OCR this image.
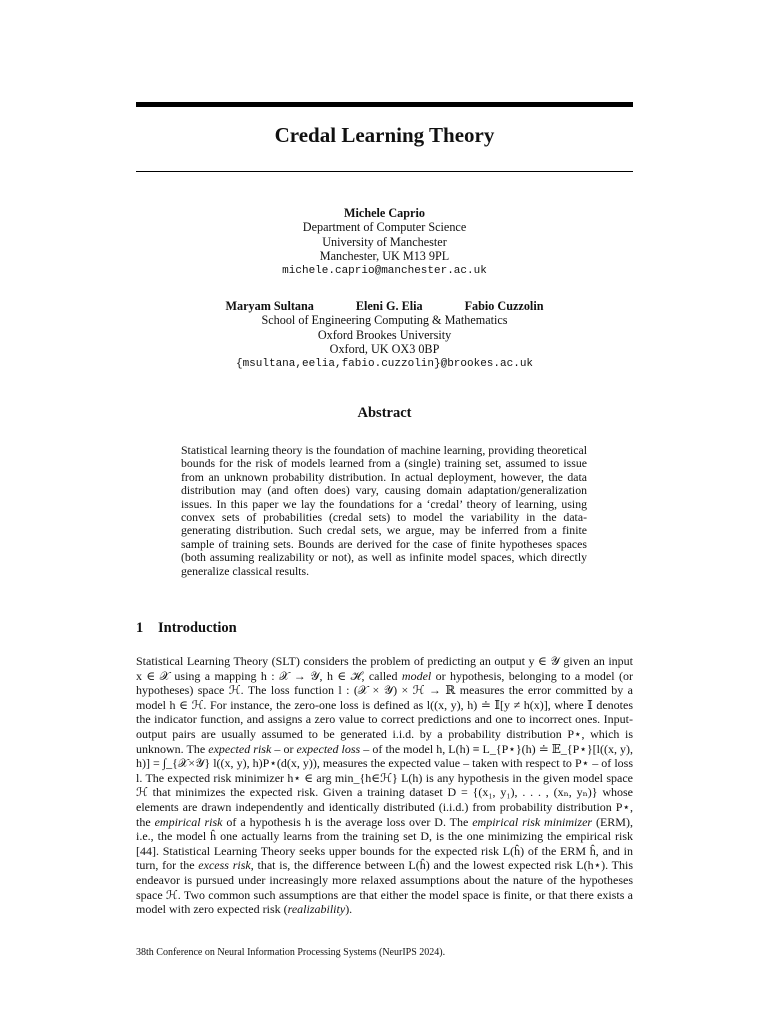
Credal Learning Theory
Michele Caprio
Department of Computer Science
University of Manchester
Manchester, UK M13 9PL
michele.caprio@manchester.ac.uk
Maryam Sultana	Eleni G. Elia	Fabio Cuzzolin
School of Engineering Computing & Mathematics
Oxford Brookes University
Oxford, UK OX3 0BP
{msultana,eelia,fabio.cuzzolin}@brookes.ac.uk
Abstract

Statistical learning theory is the foundation of machine learning, providing theoretical bounds for the risk of models learned from a (single) training set, assumed to issue from an unknown probability distribution. In actual deployment, however, the data distribution may (and often does) vary, causing domain adaptation/generalization issues. In this paper we lay the foundations for a ‘credal’ theory of learning, using convex sets of probabilities (credal sets) to model the variability in the data-generating distribution. Such credal sets, we argue, may be inferred from a finite sample of training sets. Bounds are derived for the case of finite hypotheses spaces (both assuming realizability or not), as well as infinite model spaces, which directly generalize classical results.

1 Introduction

Statistical Learning Theory (SLT) considers the problem of predicting an output y ∈ 𝒴 given an input x ∈ 𝒳 using a mapping h : 𝒳 → 𝒴, h ∈ ℋ, called model or hypothesis, belonging to a model (or hypotheses) space ℋ. The loss function l : (𝒳 × 𝒴) × ℋ → ℝ measures the error committed by a model h ∈ ℋ. For instance, the zero-one loss is defined as l((x, y), h) ≐ 𝕀[y ≠ h(x)], where 𝕀 denotes the indicator function, and assigns a zero value to correct predictions and one to incorrect ones. Input-output pairs are usually assumed to be generated i.i.d. by a probability distribution P⋆, which is unknown. The expected risk – or expected loss – of the model h, L(h) ≡ L_{P⋆}(h) ≐ 𝔼_{P⋆}[l((x, y), h)] = ∫_{𝒳×𝒴} l((x, y), h)P⋆(d(x, y)), measures the expected value – taken with respect to P⋆ – of loss l. The expected risk minimizer h⋆ ∈ arg min_{h∈ℋ} L(h) is any hypothesis in the given model space ℋ that minimizes the expected risk. Given a training dataset D = {(x₁, y₁), . . . , (xₙ, yₙ)} whose elements are drawn independently and identically distributed (i.i.d.) from probability distribution P⋆, the empirical risk of a hypothesis h is the average loss over D. The empirical risk minimizer (ERM), i.e., the model ĥ one actually learns from the training set D, is the one minimizing the empirical risk [44]. Statistical Learning Theory seeks upper bounds for the expected risk L(ĥ) of the ERM ĥ, and in turn, for the excess risk, that is, the difference between L(ĥ) and the lowest expected risk L(h⋆). This endeavor is pursued under increasingly more relaxed assumptions about the nature of the hypotheses space ℋ. Two common such assumptions are that either the model space is finite, or that there exists a model with zero expected risk (realizability).

38th Conference on Neural Information Processing Systems (NeurIPS 2024).
